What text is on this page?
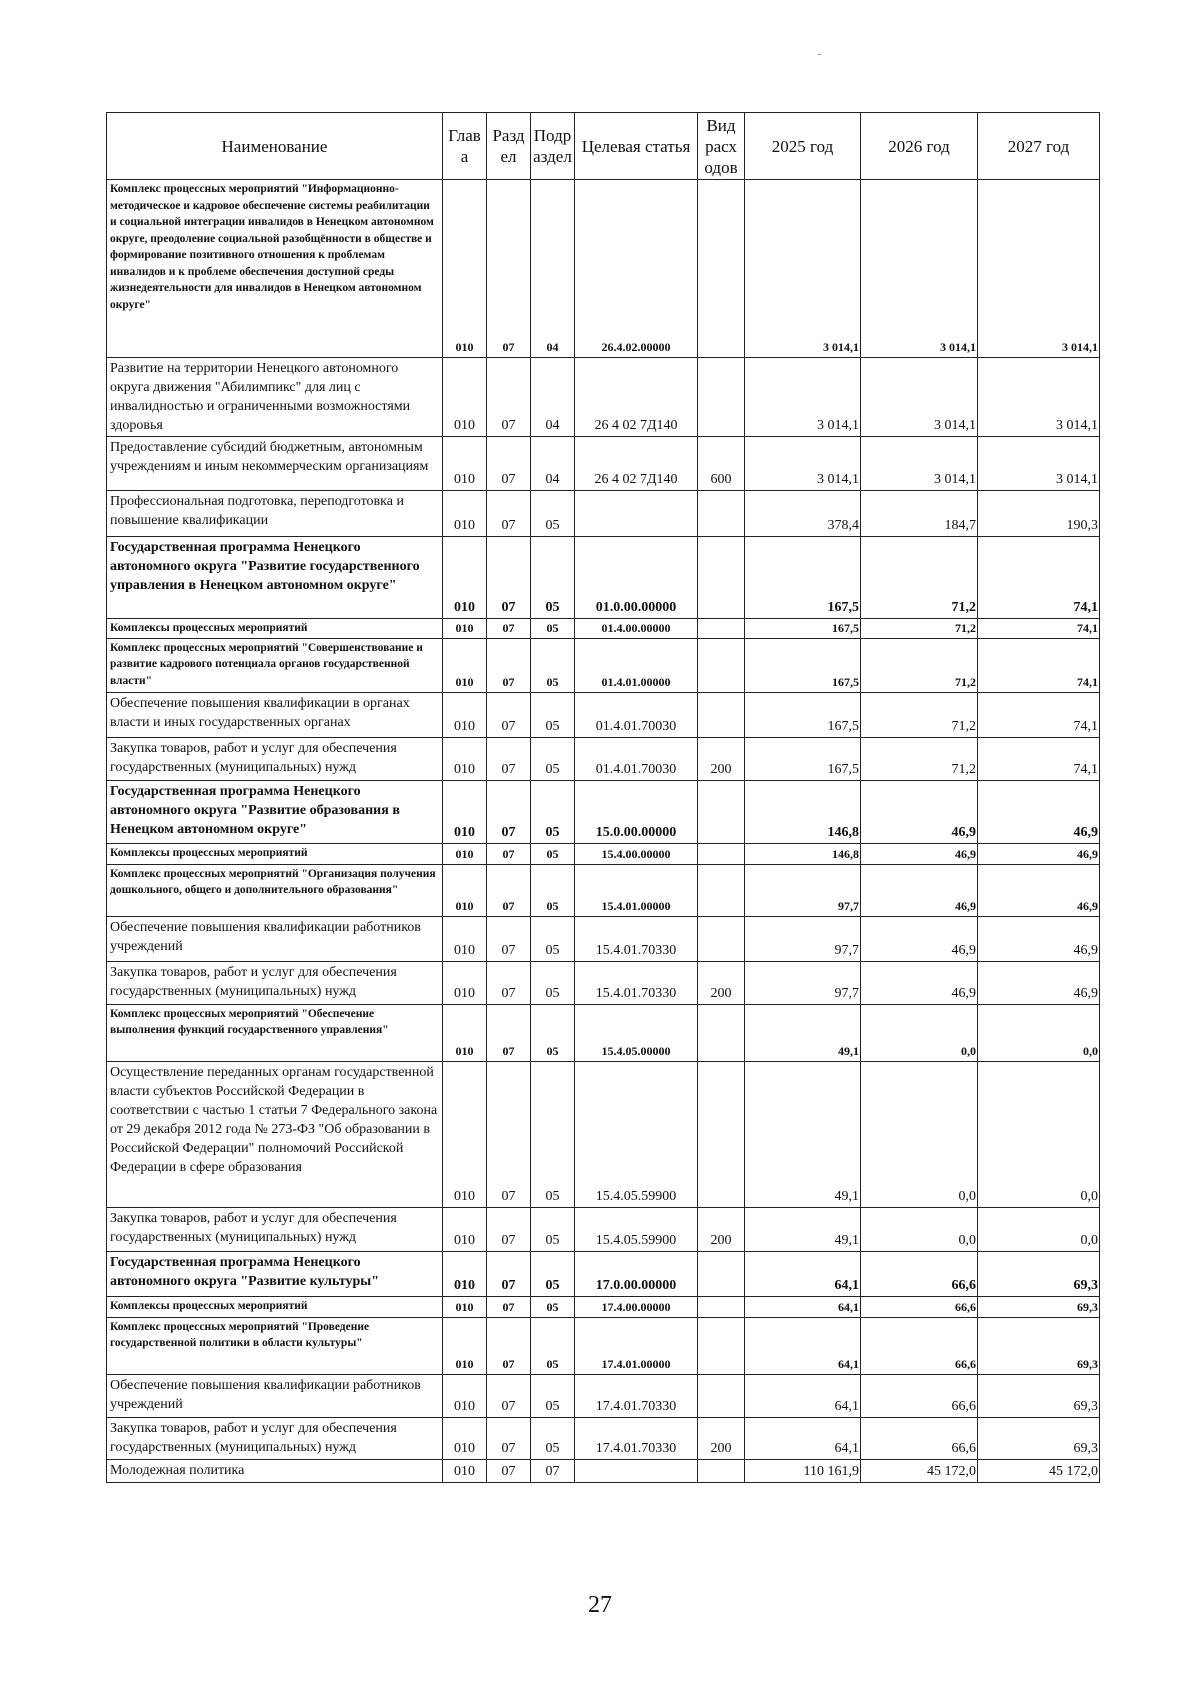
Наименование	Глав а	Разд ел	Подр аздел	Целевая статья	Вид расх одов	2025 год	2026 год	2027 год
Комплекс процессных мероприятий "Информационно-методическое и кадровое обеспечение системы реабилитации и социальной интеграции инвалидов в Ненецком автономном округе, преодоление социальной разобщённости в обществе и формирование позитивного отношения к проблемам инвалидов и к проблеме обеспечения доступной среды жизнедеятельности для инвалидов в Ненецком автономном округе"	010	07	04	26.4.02.00000		3 014,1	3 014,1	3 014,1
Развитие на территории Ненецкого автономного округа движения "Абилимпикс" для лиц с инвалидностью и ограниченными возможностями здоровья	010	07	04	26 4 02 7Д140		3 014,1	3 014,1	3 014,1
Предоставление субсидий бюджетным, автономным учреждениям и иным некоммерческим организациям	010	07	04	26 4 02 7Д140	600	3 014,1	3 014,1	3 014,1
Профессиональная подготовка, переподготовка и повышение квалификации	010	07	05			378,4	184,7	190,3
Государственная программа Ненецкого автономного округа "Развитие государственного управления в Ненецком автономном округе"	010	07	05	01.0.00.00000		167,5	71,2	74,1
Комплексы процессных мероприятий	010	07	05	01.4.00.00000		167,5	71,2	74,1
Комплекс процессных мероприятий "Совершенствование и развитие кадрового потенциала органов государственной власти"	010	07	05	01.4.01.00000		167,5	71,2	74,1
Обеспечение повышения квалификации в органах власти и иных государственных органах	010	07	05	01.4.01.70030		167,5	71,2	74,1
Закупка товаров, работ и услуг для обеспечения государственных (муниципальных) нужд	010	07	05	01.4.01.70030	200	167,5	71,2	74,1
Государственная программа Ненецкого автономного округа "Развитие образования в Ненецком автономном округе"	010	07	05	15.0.00.00000		146,8	46,9	46,9
Комплексы процессных мероприятий	010	07	05	15.4.00.00000		146,8	46,9	46,9
Комплекс процессных мероприятий "Организация получения дошкольного, общего и дополнительного образования"	010	07	05	15.4.01.00000		97,7	46,9	46,9
Обеспечение повышения квалификации работников учреждений	010	07	05	15.4.01.70330		97,7	46,9	46,9
Закупка товаров, работ и услуг для обеспечения государственных (муниципальных) нужд	010	07	05	15.4.01.70330	200	97,7	46,9	46,9
Комплекс процессных мероприятий "Обеспечение выполнения функций государственного управления"	010	07	05	15.4.05.00000		49,1	0,0	0,0
Осуществление переданных органам государственной власти субъектов Российской Федерации в соответствии с частью 1 статьи 7 Федерального закона от 29 декабря 2012 года № 273-ФЗ "Об образовании в Российской Федерации" полномочий Российской Федерации в сфере образования	010	07	05	15.4.05.59900		49,1	0,0	0,0
Закупка товаров, работ и услуг для обеспечения государственных (муниципальных) нужд	010	07	05	15.4.05.59900	200	49,1	0,0	0,0
Государственная программа Ненецкого автономного округа "Развитие культуры"	010	07	05	17.0.00.00000		64,1	66,6	69,3
Комплексы процессных мероприятий	010	07	05	17.4.00.00000		64,1	66,6	69,3
Комплекс процессных мероприятий "Проведение государственной политики в области культуры"	010	07	05	17.4.01.00000		64,1	66,6	69,3
Обеспечение повышения квалификации работников учреждений	010	07	05	17.4.01.70330		64,1	66,6	69,3
Закупка товаров, работ и услуг для обеспечения государственных (муниципальных) нужд	010	07	05	17.4.01.70330	200	64,1	66,6	69,3
Молодежная политика	010	07	07			110 161,9	45 172,0	45 172,0
27
